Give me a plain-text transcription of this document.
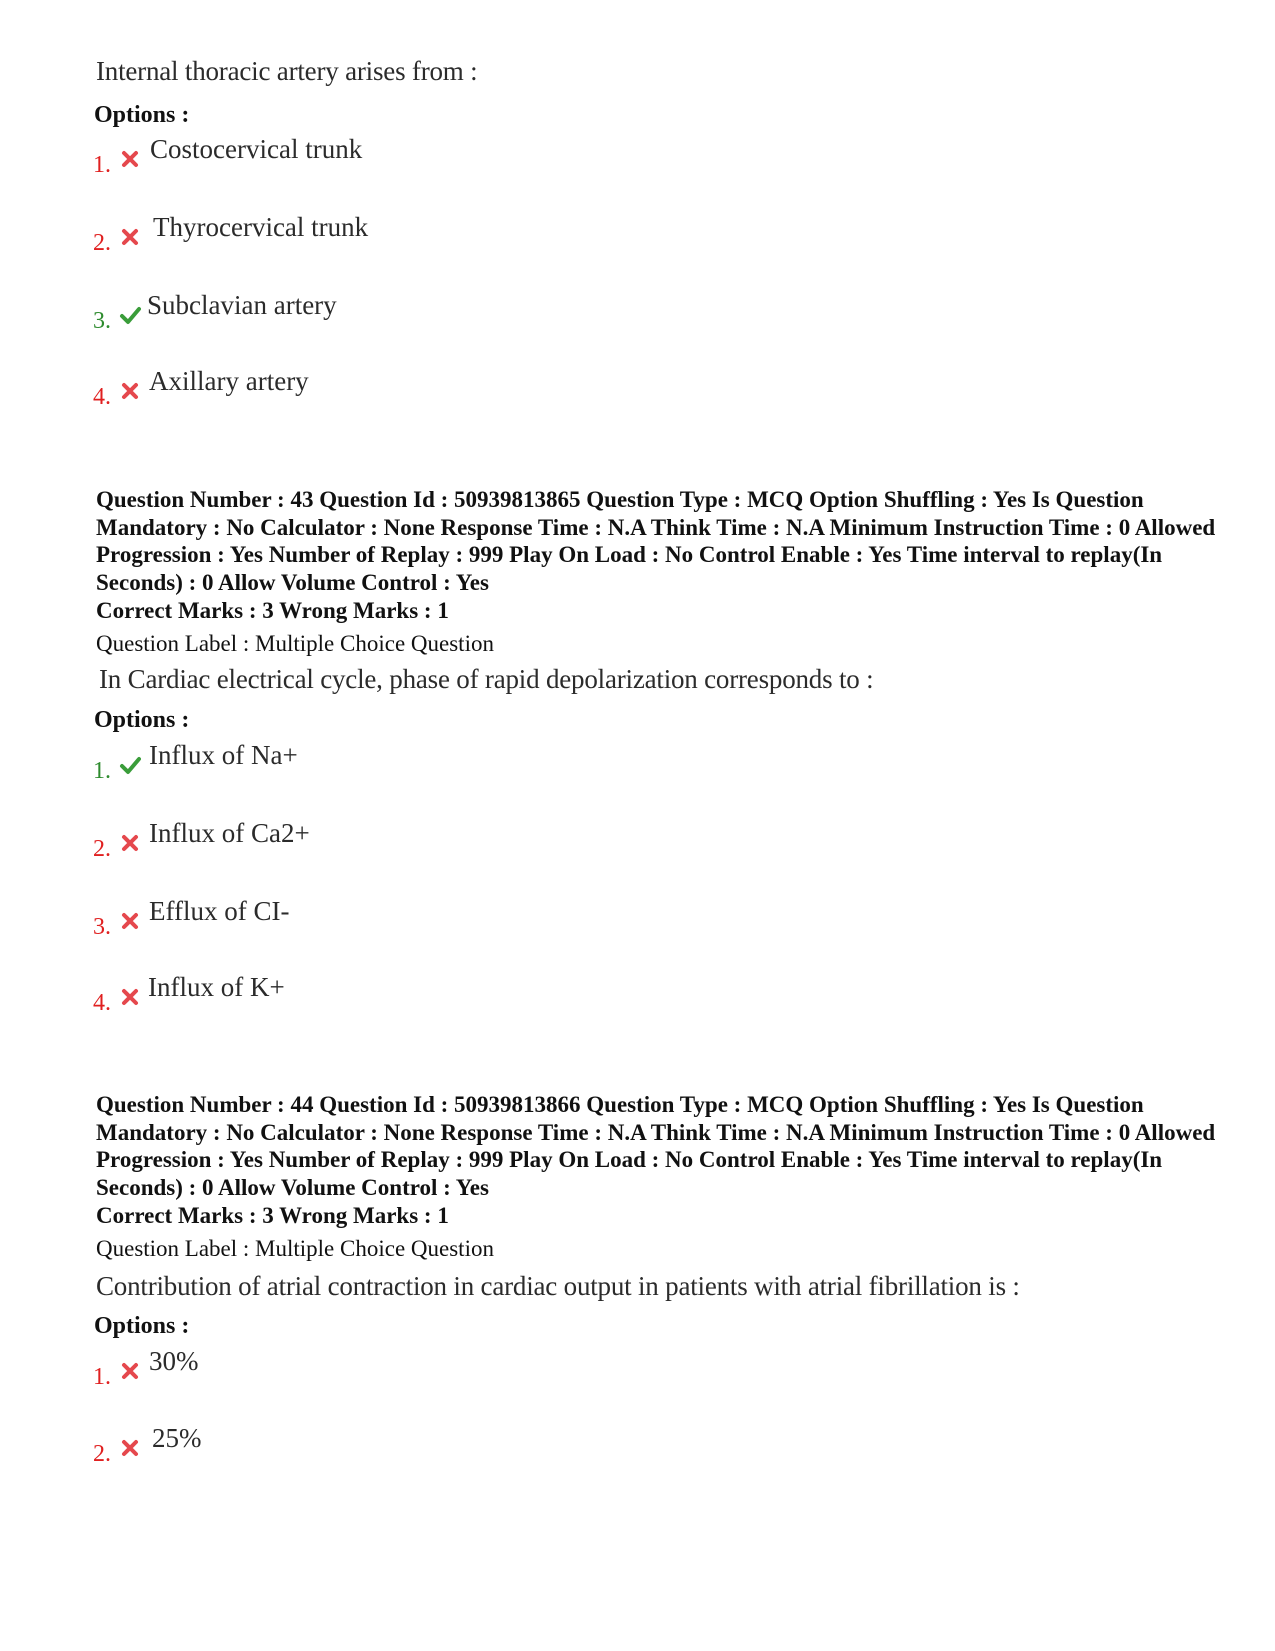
Internal thoracic artery arises from :
Options :
1.
Costocervical trunk
2.
Thyrocervical trunk
3.
Subclavian artery
4.
Axillary artery
Question Number : 43 Question Id : 50939813865 Question Type : MCQ Option Shuffling : Yes Is Question Mandatory : No Calculator : None Response Time : N.A Think Time : N.A Minimum Instruction Time : 0 Allowed Progression : Yes Number of Replay : 999 Play On Load : No Control Enable : Yes Time interval to replay(In Seconds) : 0 Allow Volume Control : Yes
Correct Marks : 3 Wrong Marks : 1
Question Label : Multiple Choice Question
In Cardiac electrical cycle, phase of rapid depolarization corresponds to :
Options :
1.
Influx of Na+
2.
Influx of Ca2+
3.
Efflux of CI-
4.
Influx of K+
Question Number : 44 Question Id : 50939813866 Question Type : MCQ Option Shuffling : Yes Is Question Mandatory : No Calculator : None Response Time : N.A Think Time : N.A Minimum Instruction Time : 0 Allowed Progression : Yes Number of Replay : 999 Play On Load : No Control Enable : Yes Time interval to replay(In Seconds) : 0 Allow Volume Control : Yes
Correct Marks : 3 Wrong Marks : 1
Question Label : Multiple Choice Question
Contribution of atrial contraction in cardiac output in patients with atrial fibrillation is :
Options :
1.
30%
2.
25%
